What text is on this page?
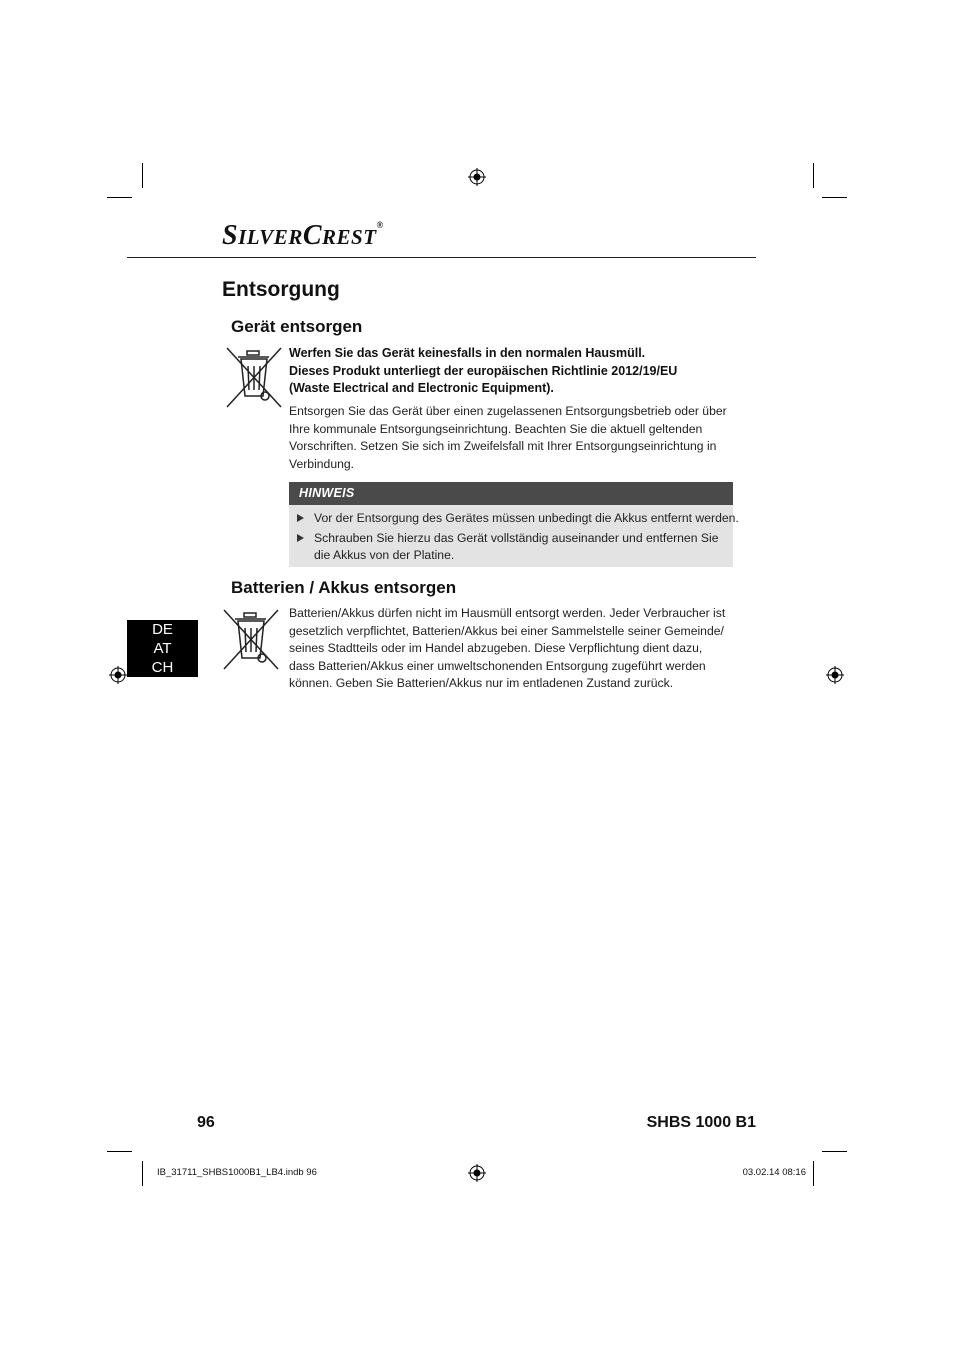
SILVERCREST®
Entsorgung
Gerät entsorgen
Werfen Sie das Gerät keinesfalls in den normalen Hausmüll.
Dieses Produkt unterliegt der europäischen Richtlinie 2012/19/EU
(Waste Electrical and Electronic Equipment).
Entsorgen Sie das Gerät über einen zugelassenen Entsorgungsbetrieb oder über
Ihre kommunale Entsorgungseinrichtung. Beachten Sie die aktuell geltenden
Vorschriften. Setzen Sie sich im Zweifelsfall mit Ihrer Entsorgungseinrichtung in
Verbindung.
HINWEIS
Vor der Entsorgung des Gerätes müssen unbedingt die Akkus entfernt werden.
Schrauben Sie hierzu das Gerät vollständig auseinander und entfernen Sie
die Akkus von der Platine.
Batterien / Akkus entsorgen
Batterien/Akkus dürfen nicht im Hausmüll entsorgt werden. Jeder Verbraucher ist
gesetzlich verpflichtet, Batterien/Akkus bei einer Sammelstelle seiner Gemeinde/
seines Stadtteils oder im Handel abzugeben. Diese Verpflichtung dient dazu,
dass Batterien/Akkus einer umweltschonenden Entsorgung zugeführt werden
können. Geben Sie Batterien/Akkus nur im entladenen Zustand zurück.
DE
AT
CH
96	SHBS 1000 B1
IB_31711_SHBS1000B1_LB4.indb 96	03.02.14 08:16
